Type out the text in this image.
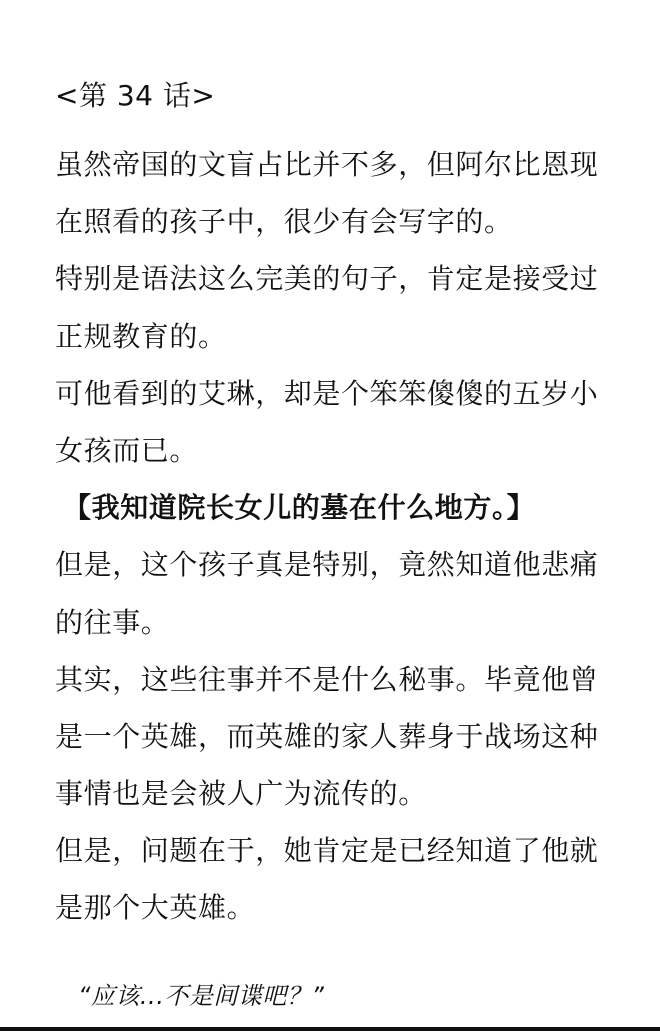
<第 34 话>
虽然帝国的文盲占比并不多，但阿尔比恩现
在照看的孩子中，很少有会写字的。
特别是语法这么完美的句子，肯定是接受过
正规教育的。
可他看到的艾琳，却是个笨笨傻傻的五岁小
女孩而已。
【我知道院长女儿的墓在什么地方。】
但是，这个孩子真是特别，竟然知道他悲痛
的往事。
其实，这些往事并不是什么秘事。毕竟他曾
是一个英雄，而英雄的家人葬身于战场这种
事情也是会被人广为流传的。
但是，问题在于，她肯定是已经知道了他就
是那个大英雄。
“应该...不是间谍吧？”
